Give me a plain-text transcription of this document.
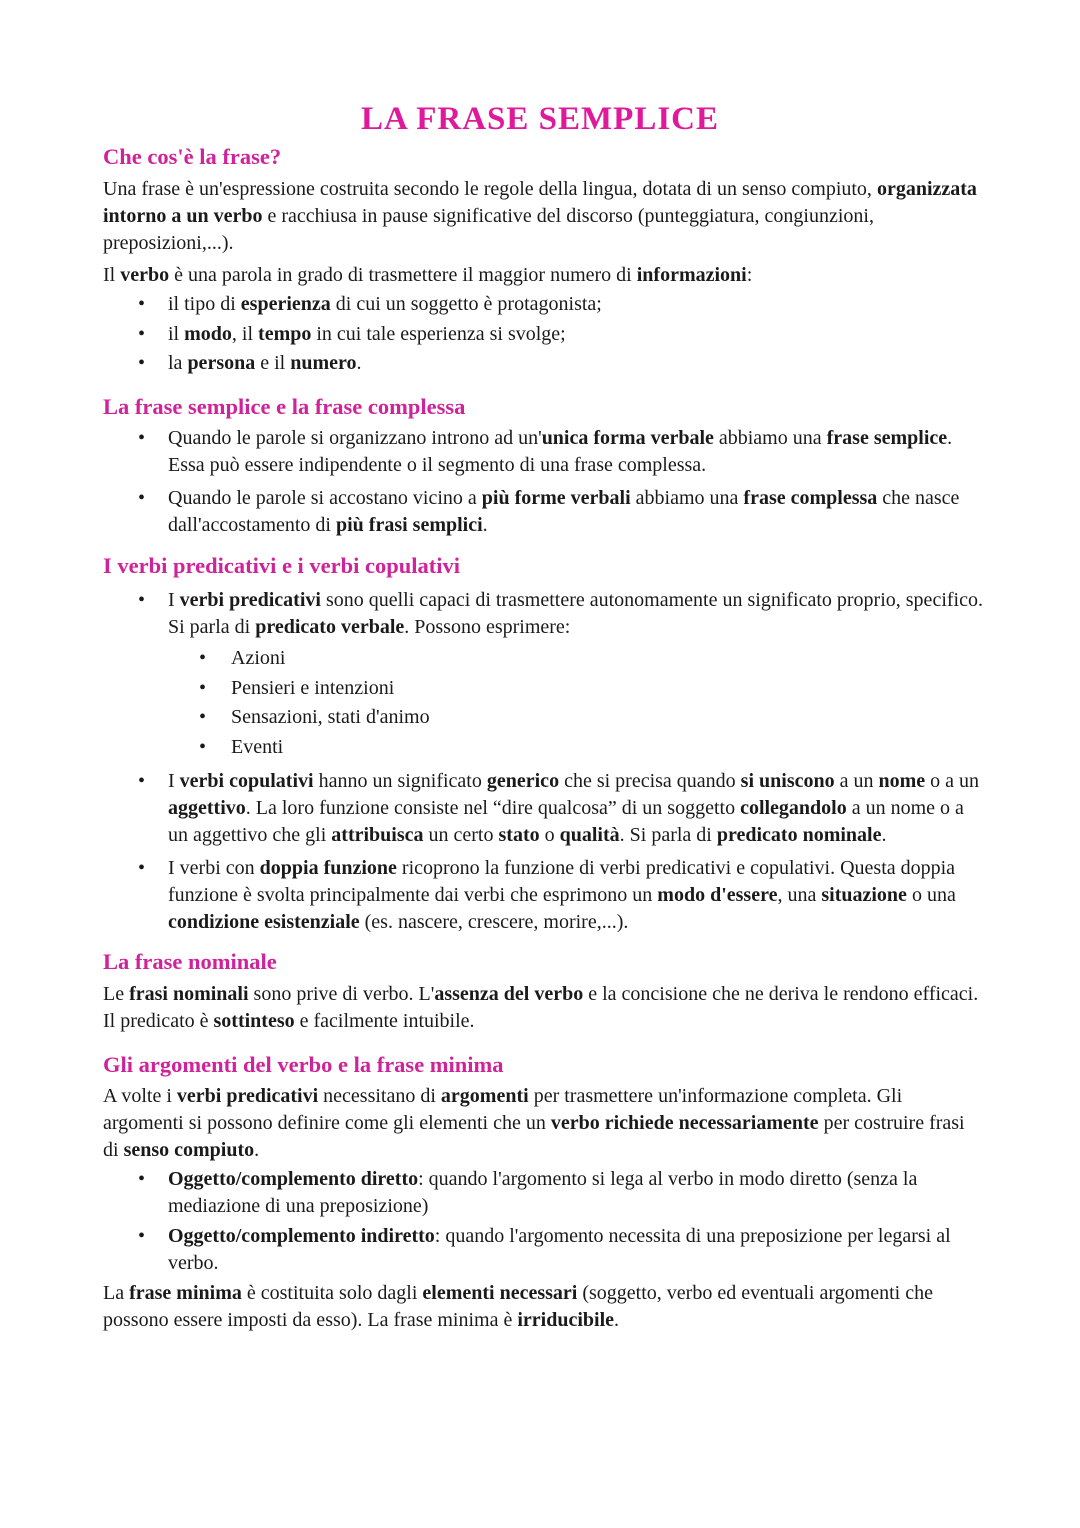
LA FRASE SEMPLICE
Che cos'è la frase?

Una frase è un'espressione costruita secondo le regole della lingua, dotata di un senso compiuto, organizzata intorno a un verbo e racchiusa in pause significative del discorso (punteggiatura, congiunzioni, preposizioni,...).

Il verbo è una parola in grado di trasmettere il maggior numero di informazioni:

• il tipo di esperienza di cui un soggetto è protagonista;
• il modo, il tempo in cui tale esperienza si svolge;
• la persona e il numero.
La frase semplice e la frase complessa
• Quando le parole si organizzano introno ad un'unica forma verbale abbiamo una frase semplice. Essa può essere indipendente o il segmento di una frase complessa.
• Quando le parole si accostano vicino a più forme verbali abbiamo una frase complessa che nasce dall'accostamento di più frasi semplici.
I verbi predicativi e i verbi copulativi
• I verbi predicativi sono quelli capaci di trasmettere autonomamente un significato proprio, specifico. Si parla di predicato verbale. Possono esprimere:
• Azioni
• Pensieri e intenzioni
• Sensazioni, stati d'animo
• Eventi
• I verbi copulativi hanno un significato generico che si precisa quando si uniscono a un nome o a un aggettivo. La loro funzione consiste nel “dire qualcosa” di un soggetto collegandolo a un nome o a un aggettivo che gli attribuisca un certo stato o qualità. Si parla di predicato nominale.
• I verbi con doppia funzione ricoprono la funzione di verbi predicativi e copulativi. Questa doppia funzione è svolta principalmente dai verbi che esprimono un modo d'essere, una situazione o una condizione esistenziale (es. nascere, crescere, morire,...).
La frase nominale

Le frasi nominali sono prive di verbo. L'assenza del verbo e la concisione che ne deriva le rendono efficaci. Il predicato è sottinteso e facilmente intuibile.

Gli argomenti del verbo e la frase minima

A volte i verbi predicativi necessitano di argomenti per trasmettere un'informazione completa. Gli argomenti si possono definire come gli elementi che un verbo richiede necessariamente per costruire frasi di senso compiuto.

• Oggetto/complemento diretto: quando l'argomento si lega al verbo in modo diretto (senza la mediazione di una preposizione)
• Oggetto/complemento indiretto: quando l'argomento necessita di una preposizione per legarsi al verbo.

La frase minima è costituita solo dagli elementi necessari (soggetto, verbo ed eventuali argomenti che possono essere imposti da esso). La frase minima è irriducibile.
